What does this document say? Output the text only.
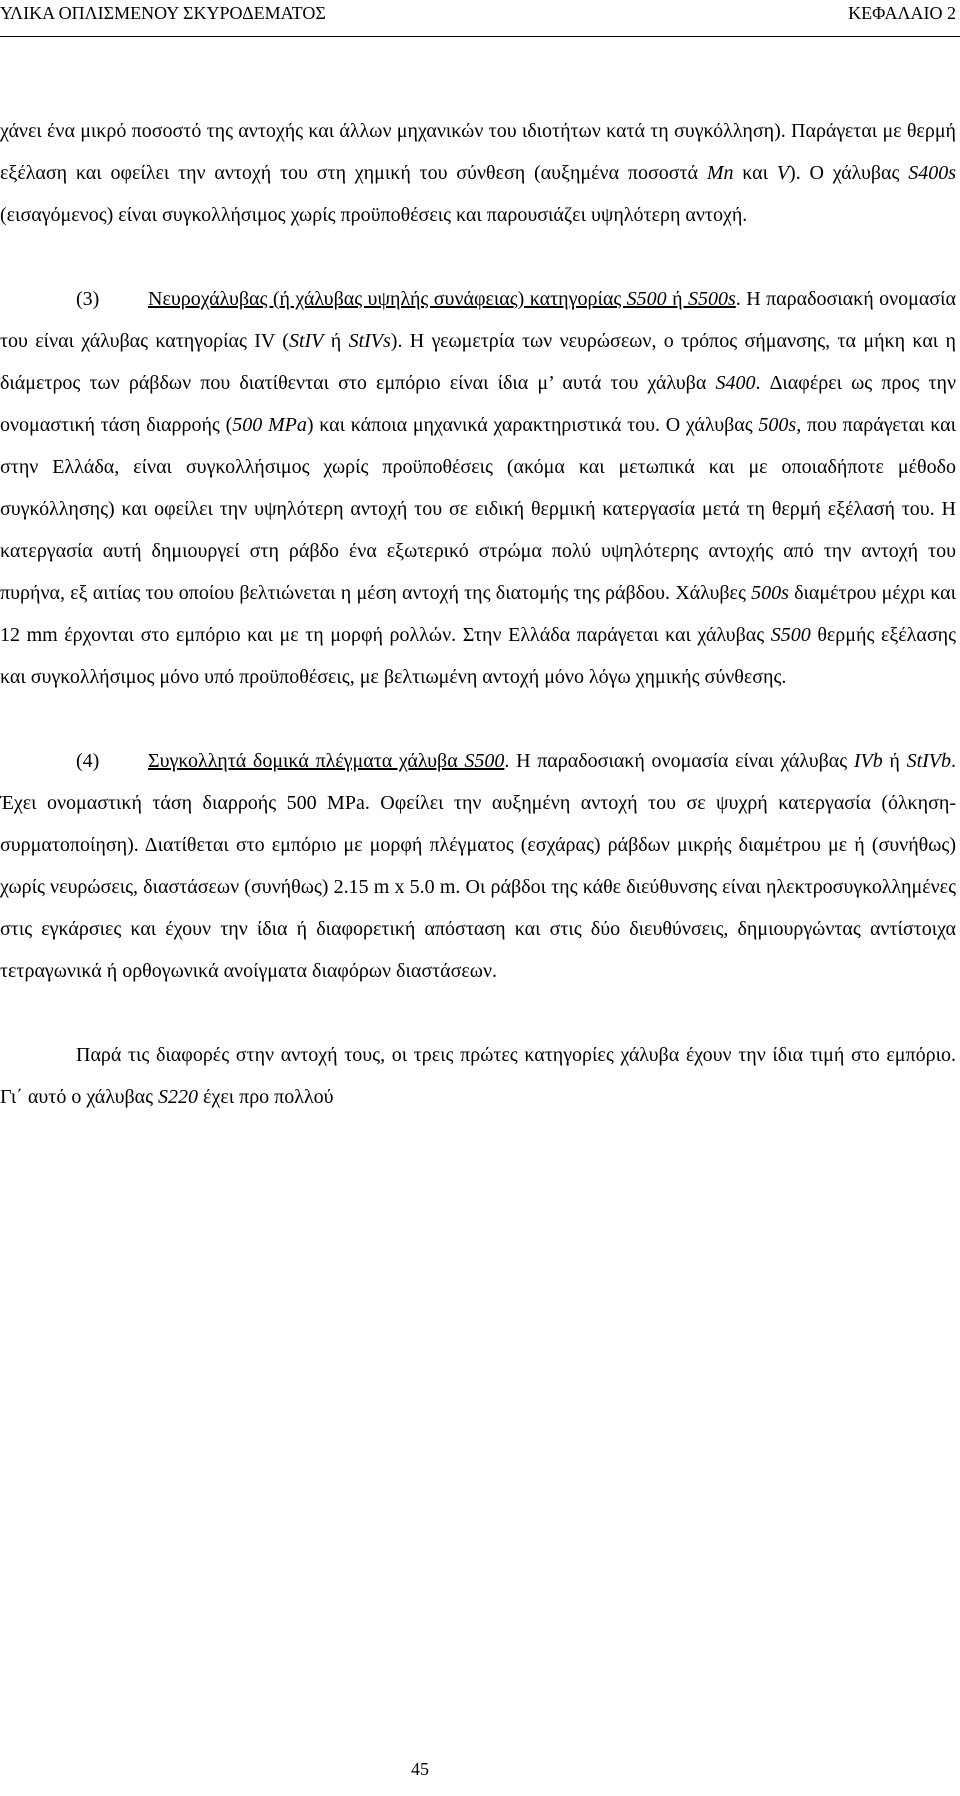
ΥΛΙΚΑ ΟΠΛΙΣΜΕΝΟΥ ΣΚΥΡΟΔΕΜΑΤΟΣ	ΚΕΦΑΛΑΙΟ 2

χάνει ένα μικρό ποσοστό της αντοχής και άλλων μηχανικών του ιδιοτήτων κατά τη συγκόλληση). Παράγεται με θερμή εξέλαση και οφείλει την αντοχή του στη χημική του σύνθεση (αυξημένα ποσοστά Mn και V). Ο χάλυβας S400s (εισαγόμενος) είναι συγκολλήσιμος χωρίς προϋποθέσεις και παρουσιάζει υψηλότερη αντοχή.

(3) Νευροχάλυβας (ή χάλυβας υψηλής συνάφειας) κατηγορίας S500 ή S500s. Η παραδοσιακή ονομασία του είναι χάλυβας κατηγορίας IV (StIV ή StIVs). Η γεωμετρία των νευρώσεων, ο τρόπος σήμανσης, τα μήκη και η διάμετρος των ράβδων που διατίθενται στο εμπόριο είναι ίδια μ’ αυτά του χάλυβα S400. Διαφέρει ως προς την ονομαστική τάση διαρροής (500 MPa) και κάποια μηχανικά χαρακτηριστικά του. Ο χάλυβας 500s, που παράγεται και στην Ελλάδα, είναι συγκολλήσιμος χωρίς προϋποθέσεις (ακόμα και μετωπικά και με οποιαδήποτε μέθοδο συγκόλλησης) και οφείλει την υψηλότερη αντοχή του σε ειδική θερμική κατεργασία μετά τη θερμή εξέλασή του. Η κατεργασία αυτή δημιουργεί στη ράβδο ένα εξωτερικό στρώμα πολύ υψηλότερης αντοχής από την αντοχή του πυρήνα, εξ αιτίας του οποίου βελτιώνεται η μέση αντοχή της διατομής της ράβδου. Χάλυβες 500s διαμέτρου μέχρι και 12 mm έρχονται στο εμπόριο και με τη μορφή ρολλών. Στην Ελλάδα παράγεται και χάλυβας S500 θερμής εξέλασης και συγκολλήσιμος μόνο υπό προϋποθέσεις, με βελτιωμένη αντοχή μόνο λόγω χημικής σύνθεσης.

(4) Συγκολλητά δομικά πλέγματα χάλυβα S500. Η παραδοσιακή ονομασία είναι χάλυβας IVb ή StIVb. Έχει ονομαστική τάση διαρροής 500 MPa. Οφείλει την αυξημένη αντοχή του σε ψυχρή κατεργασία (όλκηση-συρματοποίηση). Διατίθεται στο εμπόριο με μορφή πλέγματος (εσχάρας) ράβδων μικρής διαμέτρου με ή (συνήθως) χωρίς νευρώσεις, διαστάσεων (συνήθως) 2.15 m x 5.0 m. Οι ράβδοι της κάθε διεύθυνσης είναι ηλεκτροσυγκολλημένες στις εγκάρσιες και έχουν την ίδια ή διαφορετική απόσταση και στις δύο διευθύνσεις, δημιουργώντας αντίστοιχα τετραγωνικά ή ορθογωνικά ανοίγματα διαφόρων διαστάσεων.

Παρά τις διαφορές στην αντοχή τους, οι τρεις πρώτες κατηγορίες χάλυβα έχουν την ίδια τιμή στο εμπόριο. Γι΄ αυτό ο χάλυβας S220 έχει προ πολλού

45
